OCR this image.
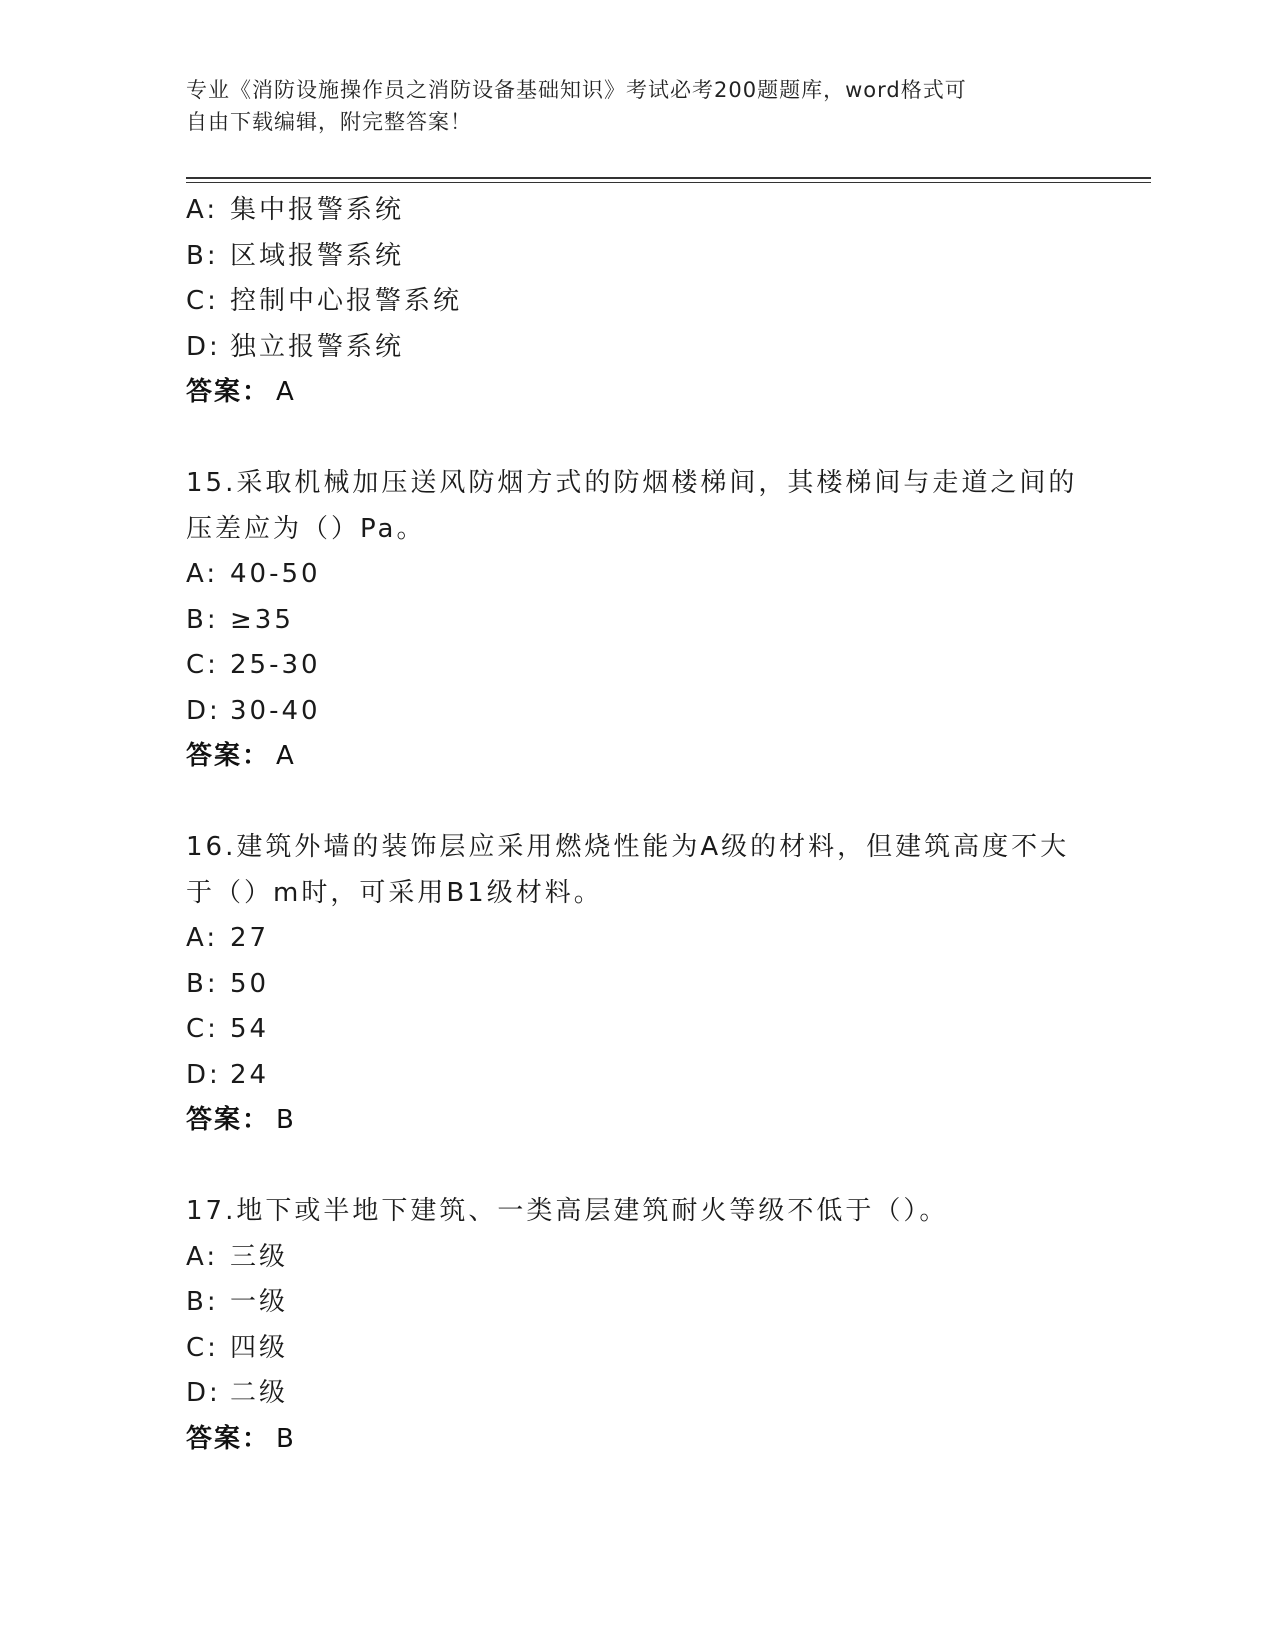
专业《消防设施操作员之消防设备基础知识》考试必考200题题库，word格式可
自由下载编辑，附完整答案！
A: 集中报警系统
B: 区域报警系统
C: 控制中心报警系统
D: 独立报警系统
答案： A
15.采取机械加压送风防烟方式的防烟楼梯间，其楼梯间与走道之间的
压差应为（）Pa。
A: 40-50
B: ≥35
C: 25-30
D: 30-40
答案： A
16.建筑外墙的装饰层应采用燃烧性能为A级的材料，但建筑高度不大
于（）m时，可采用B1级材料。
A: 27
B: 50
C: 54
D: 24
答案： B
17.地下或半地下建筑、一类高层建筑耐火等级不低于（）。
A: 三级
B: 一级
C: 四级
D: 二级
答案： B
